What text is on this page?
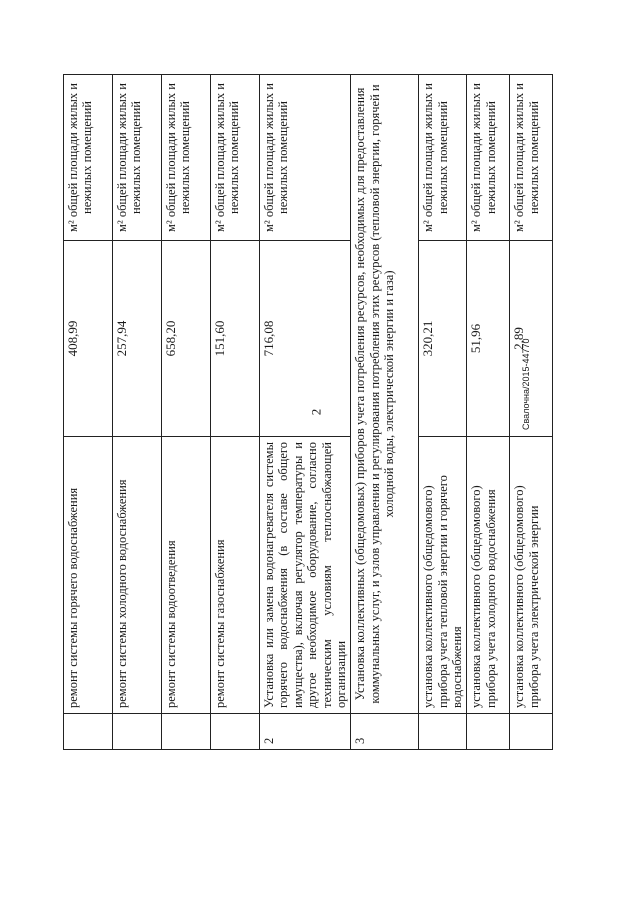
2	Свалочна/2015-44770
	ремонт системы горячего водоснабжения	408,99	м² общей площади жилых и нежилых помещений
	ремонт системы холодного водоснабжения	257,94	м² общей площади жилых и нежилых помещений
	ремонт системы водоотведения	658,20	м² общей площади жилых и нежилых помещений
	ремонт системы газоснабжения	151,60	м² общей площади жилых и нежилых помещений
2	Установка или замена водонагревателя системы горячего водоснабжения (в составе общего имущества), включая регулятор температуры и другое необходимое оборудование, согласно техническим условиям теплоснабжающей организации	716,08	м² общей площади жилых и нежилых помещений
3	Установка коллективных (общедомовых) приборов учета потребления ресурсов, необходимых для предоставления коммунальных услуг, и узлов управления и регулирования потребления этих ресурсов (тепловой энергии, горячей и холодной воды, электрической энергии и газа)		
	установка коллективного (общедомового) прибора учета тепловой энергии и горячего водоснабжения	320,21	м² общей площади жилых и нежилых помещений
	установка коллективного (общедомового) прибора учета холодного водоснабжения	51,96	м² общей площади жилых и нежилых помещений
	установка коллективного (общедомового) прибора учета электрической энергии	2,89	м² общей площади жилых и нежилых помещений
